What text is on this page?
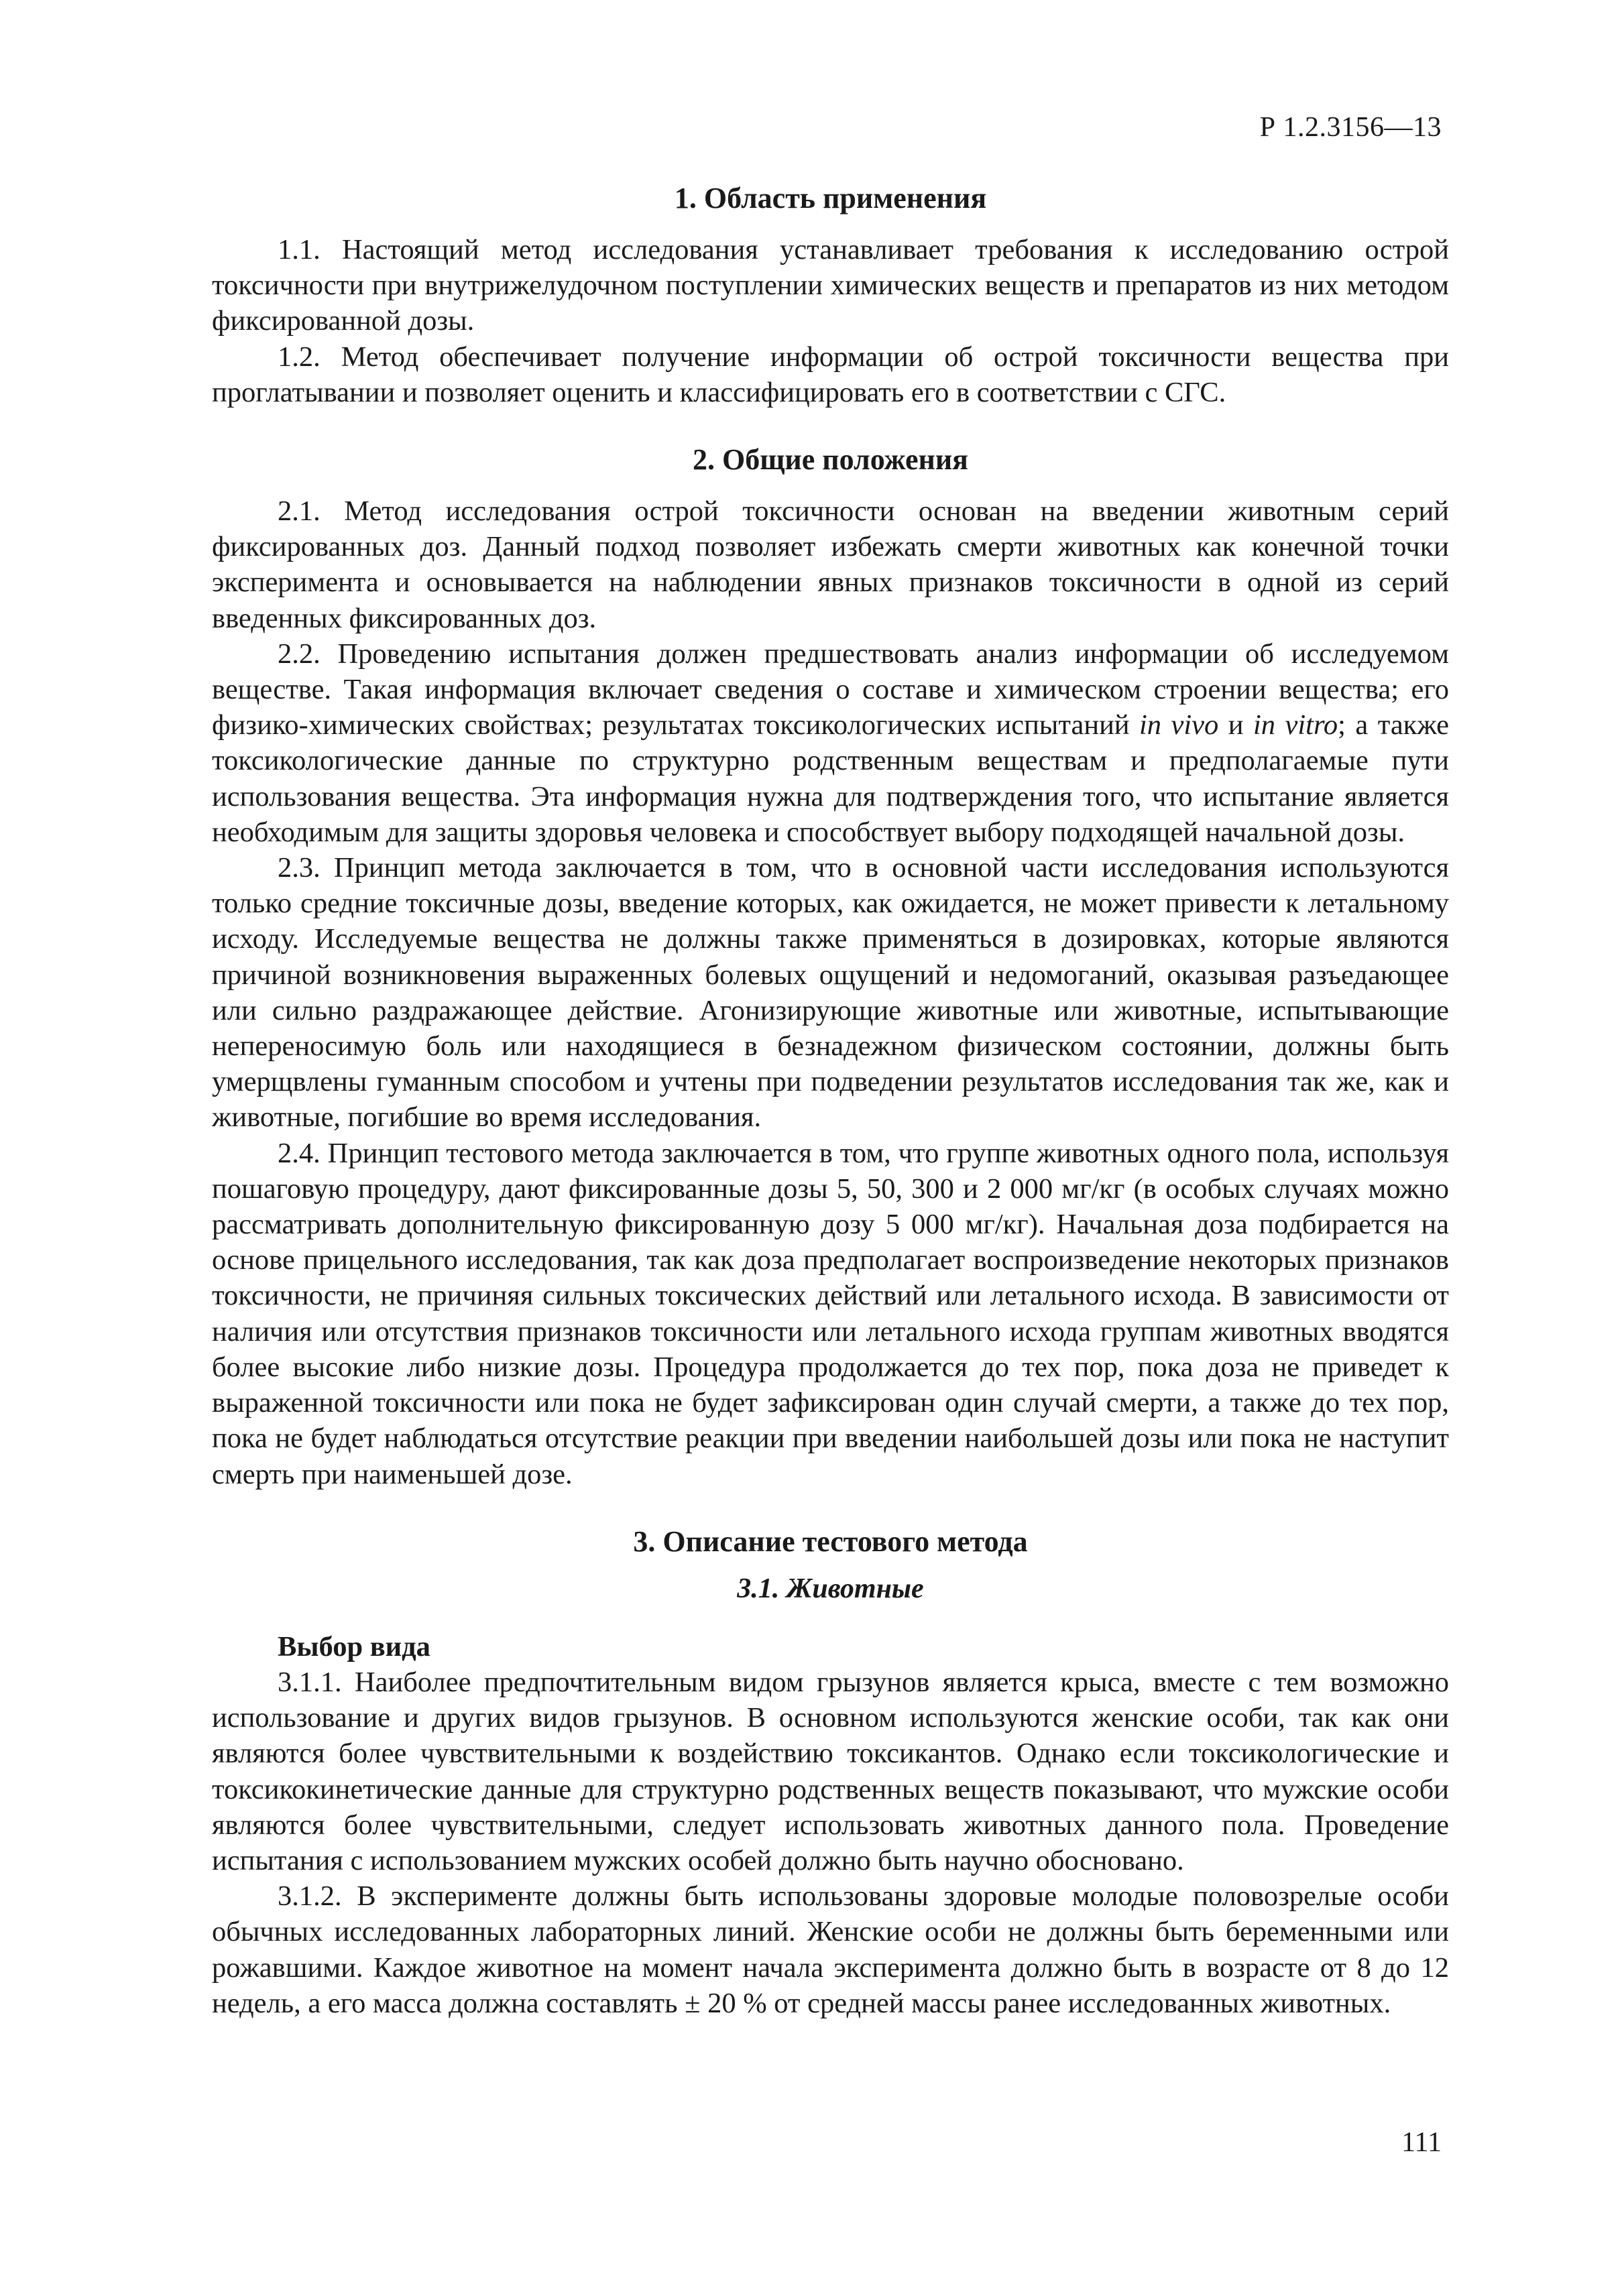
Р 1.2.3156—13
1. Область применения

1.1. Настоящий метод исследования устанавливает требования к исследованию острой токсичности при внутрижелудочном поступлении химических веществ и препаратов из них методом фиксированной дозы.

1.2. Метод обеспечивает получение информации об острой токсичности вещества при проглатывании и позволяет оценить и классифицировать его в соответствии с СГС.

2. Общие положения

2.1. Метод исследования острой токсичности основан на введении животным серий фиксированных доз. Данный подход позволяет избежать смерти животных как конечной точки эксперимента и основывается на наблюдении явных признаков токсичности в одной из серий введенных фиксированных доз.

2.2. Проведению испытания должен предшествовать анализ информации об исследуемом веществе. Такая информация включает сведения о составе и химическом строении вещества; его физико-химических свойствах; результатах токсикологических испытаний in vivo и in vitro; а также токсикологические данные по структурно родственным веществам и предполагаемые пути использования вещества. Эта информация нужна для подтверждения того, что испытание является необходимым для защиты здоровья человека и способствует выбору подходящей начальной дозы.

2.3. Принцип метода заключается в том, что в основной части исследования используются только средние токсичные дозы, введение которых, как ожидается, не может привести к летальному исходу. Исследуемые вещества не должны также применяться в дозировках, которые являются причиной возникновения выраженных болевых ощущений и недомоганий, оказывая разъедающее или сильно раздражающее действие. Агонизирующие животные или животные, испытывающие непереносимую боль или находящиеся в безнадежном физическом состоянии, должны быть умерщвлены гуманным способом и учтены при подведении результатов исследования так же, как и животные, погибшие во время исследования.

2.4. Принцип тестового метода заключается в том, что группе животных одного пола, используя пошаговую процедуру, дают фиксированные дозы 5, 50, 300 и 2 000 мг/кг (в особых случаях можно рассматривать дополнительную фиксированную дозу 5 000 мг/кг). Начальная доза подбирается на основе прицельного исследования, так как доза предполагает воспроизведение некоторых признаков токсичности, не причиняя сильных токсических действий или летального исхода. В зависимости от наличия или отсутствия признаков токсичности или летального исхода группам животных вводятся более высокие либо низкие дозы. Процедура продолжается до тех пор, пока доза не приведет к выраженной токсичности или пока не будет зафиксирован один случай смерти, а также до тех пор, пока не будет наблюдаться отсутствие реакции при введении наибольшей дозы или пока не наступит смерть при наименьшей дозе.

3. Описание тестового метода
3.1. Животные

Выбор вида

3.1.1. Наиболее предпочтительным видом грызунов является крыса, вместе с тем возможно использование и других видов грызунов. В основном используются женские особи, так как они являются более чувствительными к воздействию токсикантов. Однако если токсикологические и токсикокинетические данные для структурно родственных веществ показывают, что мужские особи являются более чувствительными, следует использовать животных данного пола. Проведение испытания с использованием мужских особей должно быть научно обосновано.

3.1.2. В эксперименте должны быть использованы здоровые молодые половозрелые особи обычных исследованных лабораторных линий. Женские особи не должны быть беременными или рожавшими. Каждое животное на момент начала эксперимента должно быть в возрасте от 8 до 12 недель, а его масса должна составлять ± 20 % от средней массы ранее исследованных животных.

111
